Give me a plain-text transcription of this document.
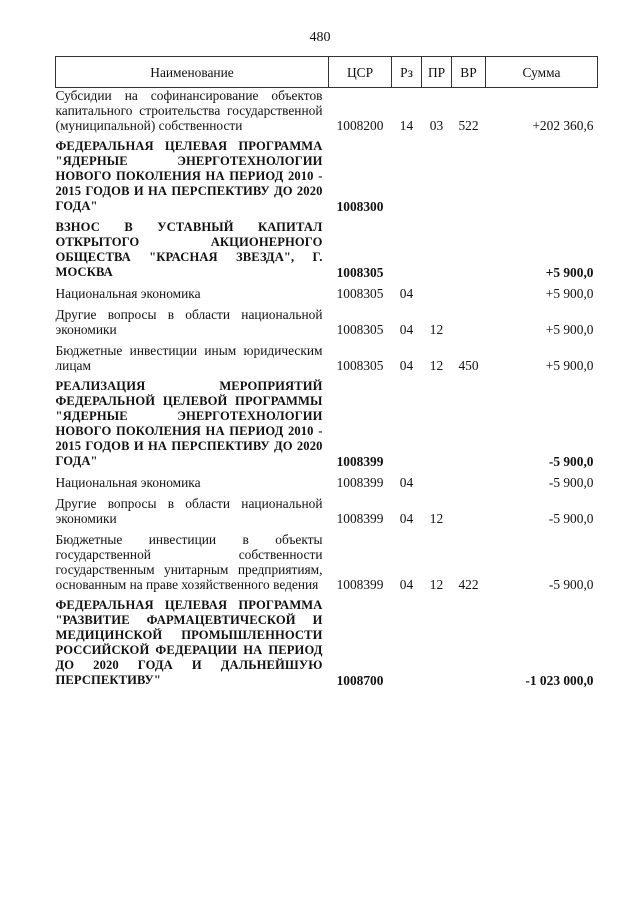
480
Наименование	ЦСР	Рз	ПР	ВР	Сумма
Субсидии на софинансирование объектов капитального строительства государственной (муниципальной) собственности	1008200	14	03	522	+202 360,6
ФЕДЕРАЛЬНАЯ ЦЕЛЕВАЯ ПРОГРАММА "ЯДЕРНЫЕ ЭНЕРГОТЕХНОЛОГИИ НОВОГО ПОКОЛЕНИЯ НА ПЕРИОД 2010 - 2015 ГОДОВ И НА ПЕРСПЕКТИВУ ДО 2020 ГОДА"	1008300				
ВЗНОС В УСТАВНЫЙ КАПИТАЛ ОТКРЫТОГО АКЦИОНЕРНОГО ОБЩЕСТВА "КРАСНАЯ ЗВЕЗДА", Г. МОСКВА	1008305				+5 900,0
Национальная экономика	1008305	04			+5 900,0
Другие вопросы в области национальной экономики	1008305	04	12		+5 900,0
Бюджетные инвестиции иным юридическим лицам	1008305	04	12	450	+5 900,0
РЕАЛИЗАЦИЯ МЕРОПРИЯТИЙ ФЕДЕРАЛЬНОЙ ЦЕЛЕВОЙ ПРОГРАММЫ "ЯДЕРНЫЕ ЭНЕРГОТЕХНОЛОГИИ НОВОГО ПОКОЛЕНИЯ НА ПЕРИОД 2010 - 2015 ГОДОВ И НА ПЕРСПЕКТИВУ ДО 2020 ГОДА"	1008399				-5 900,0
Национальная экономика	1008399	04			-5 900,0
Другие вопросы в области национальной экономики	1008399	04	12		-5 900,0
Бюджетные инвестиции в объекты государственной собственности государственным унитарным предприятиям, основанным на праве хозяйственного ведения	1008399	04	12	422	-5 900,0
ФЕДЕРАЛЬНАЯ ЦЕЛЕВАЯ ПРОГРАММА "РАЗВИТИЕ ФАРМАЦЕВТИЧЕСКОЙ И МЕДИЦИНСКОЙ ПРОМЫШЛЕННОСТИ РОССИЙСКОЙ ФЕДЕРАЦИИ НА ПЕРИОД ДО 2020 ГОДА И ДАЛЬНЕЙШУЮ ПЕРСПЕКТИВУ"	1008700				-1 023 000,0
